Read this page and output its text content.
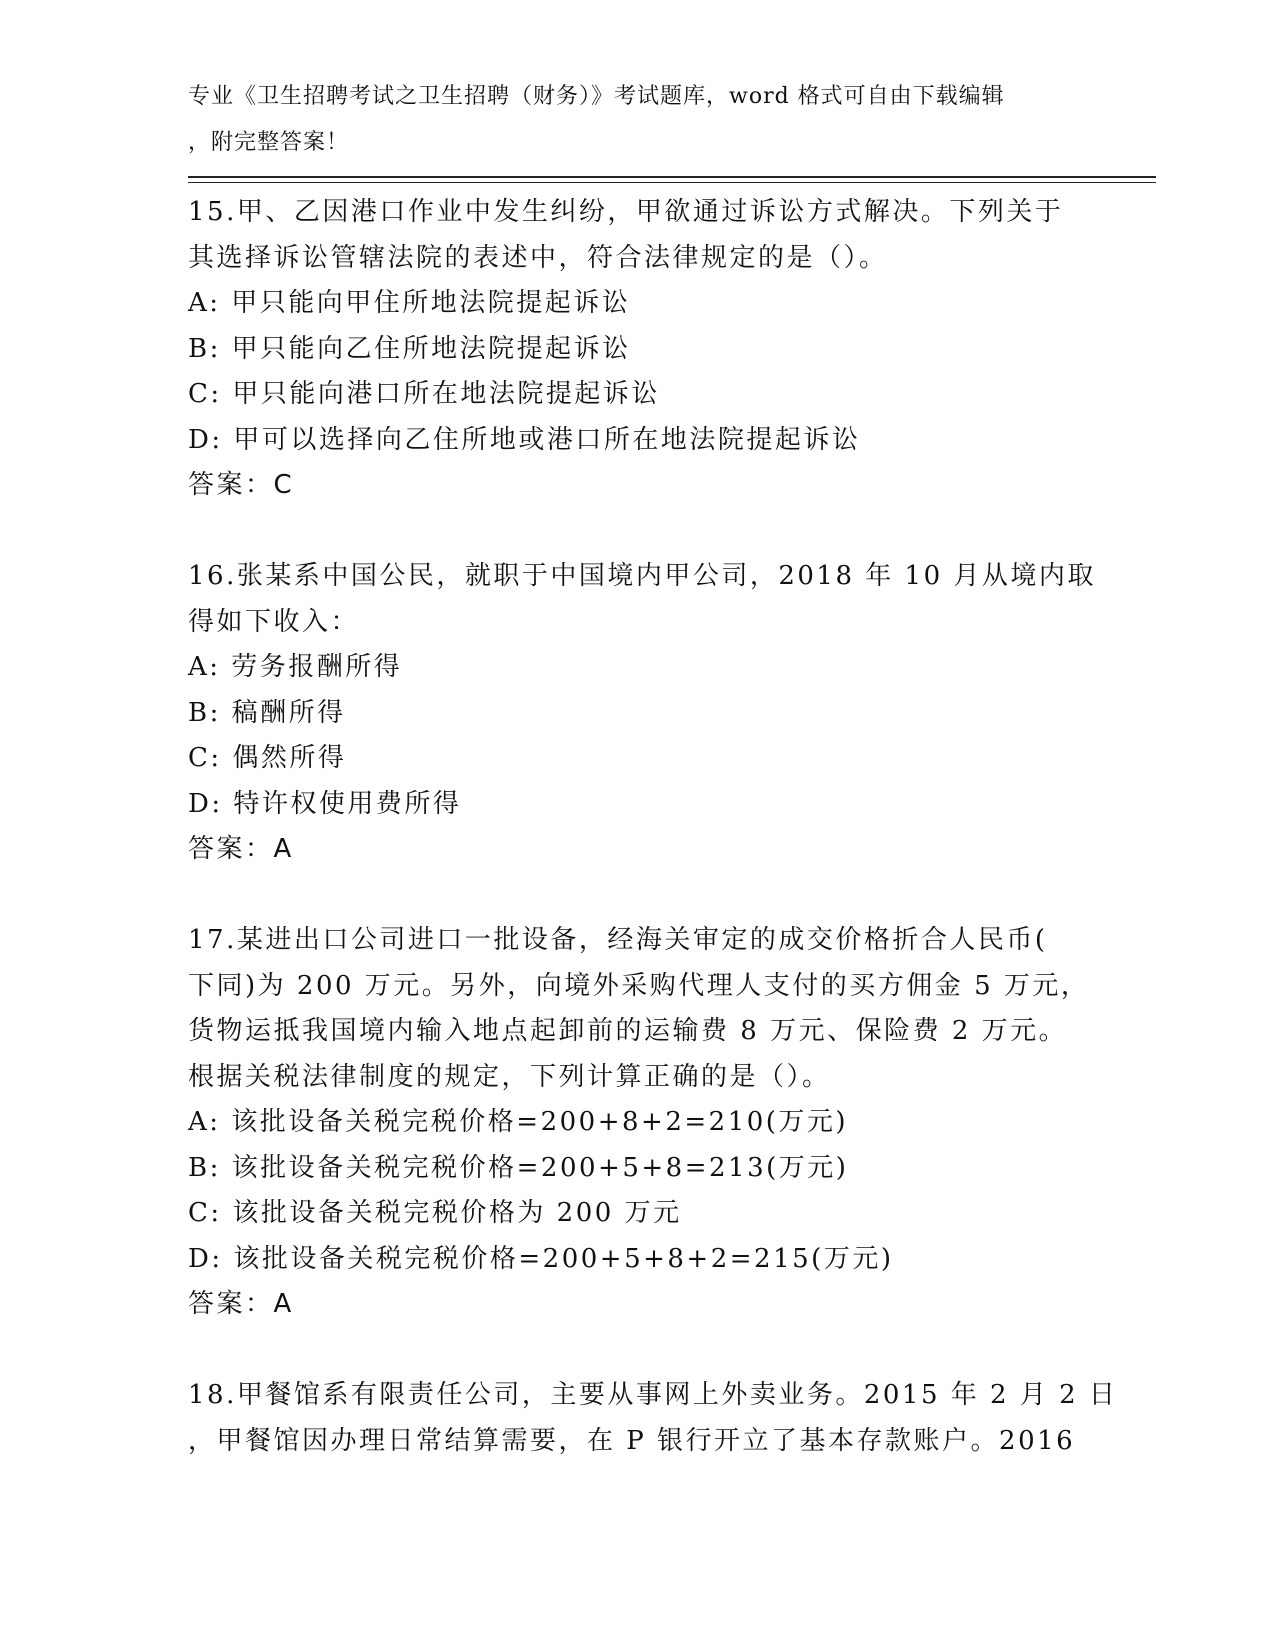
专业《卫生招聘考试之卫生招聘（财务）》考试题库，word 格式可自由下载编辑
，附完整答案！
15.甲、乙因港口作业中发生纠纷，甲欲通过诉讼方式解决。下列关于
其选择诉讼管辖法院的表述中，符合法律规定的是（）。
A: 甲只能向甲住所地法院提起诉讼
B: 甲只能向乙住所地法院提起诉讼
C: 甲只能向港口所在地法院提起诉讼
D: 甲可以选择向乙住所地或港口所在地法院提起诉讼
答案：C
16.张某系中国公民，就职于中国境内甲公司，2018 年 10 月从境内取
得如下收入：
A: 劳务报酬所得
B: 稿酬所得
C: 偶然所得
D: 特许权使用费所得
答案：A
17.某进出口公司进口一批设备，经海关审定的成交价格折合人民币(
下同)为 200 万元。另外，向境外采购代理人支付的买方佣金 5 万元，
货物运抵我国境内输入地点起卸前的运输费 8 万元、保险费 2 万元。
根据关税法律制度的规定，下列计算正确的是（）。
A: 该批设备关税完税价格=200+8+2=210(万元)
B: 该批设备关税完税价格=200+5+8=213(万元)
C: 该批设备关税完税价格为 200 万元
D: 该批设备关税完税价格=200+5+8+2=215(万元)
答案：A
18.甲餐馆系有限责任公司，主要从事网上外卖业务。2015 年 2 月 2 日
，甲餐馆因办理日常结算需要，在 P 银行开立了基本存款账户。2016
